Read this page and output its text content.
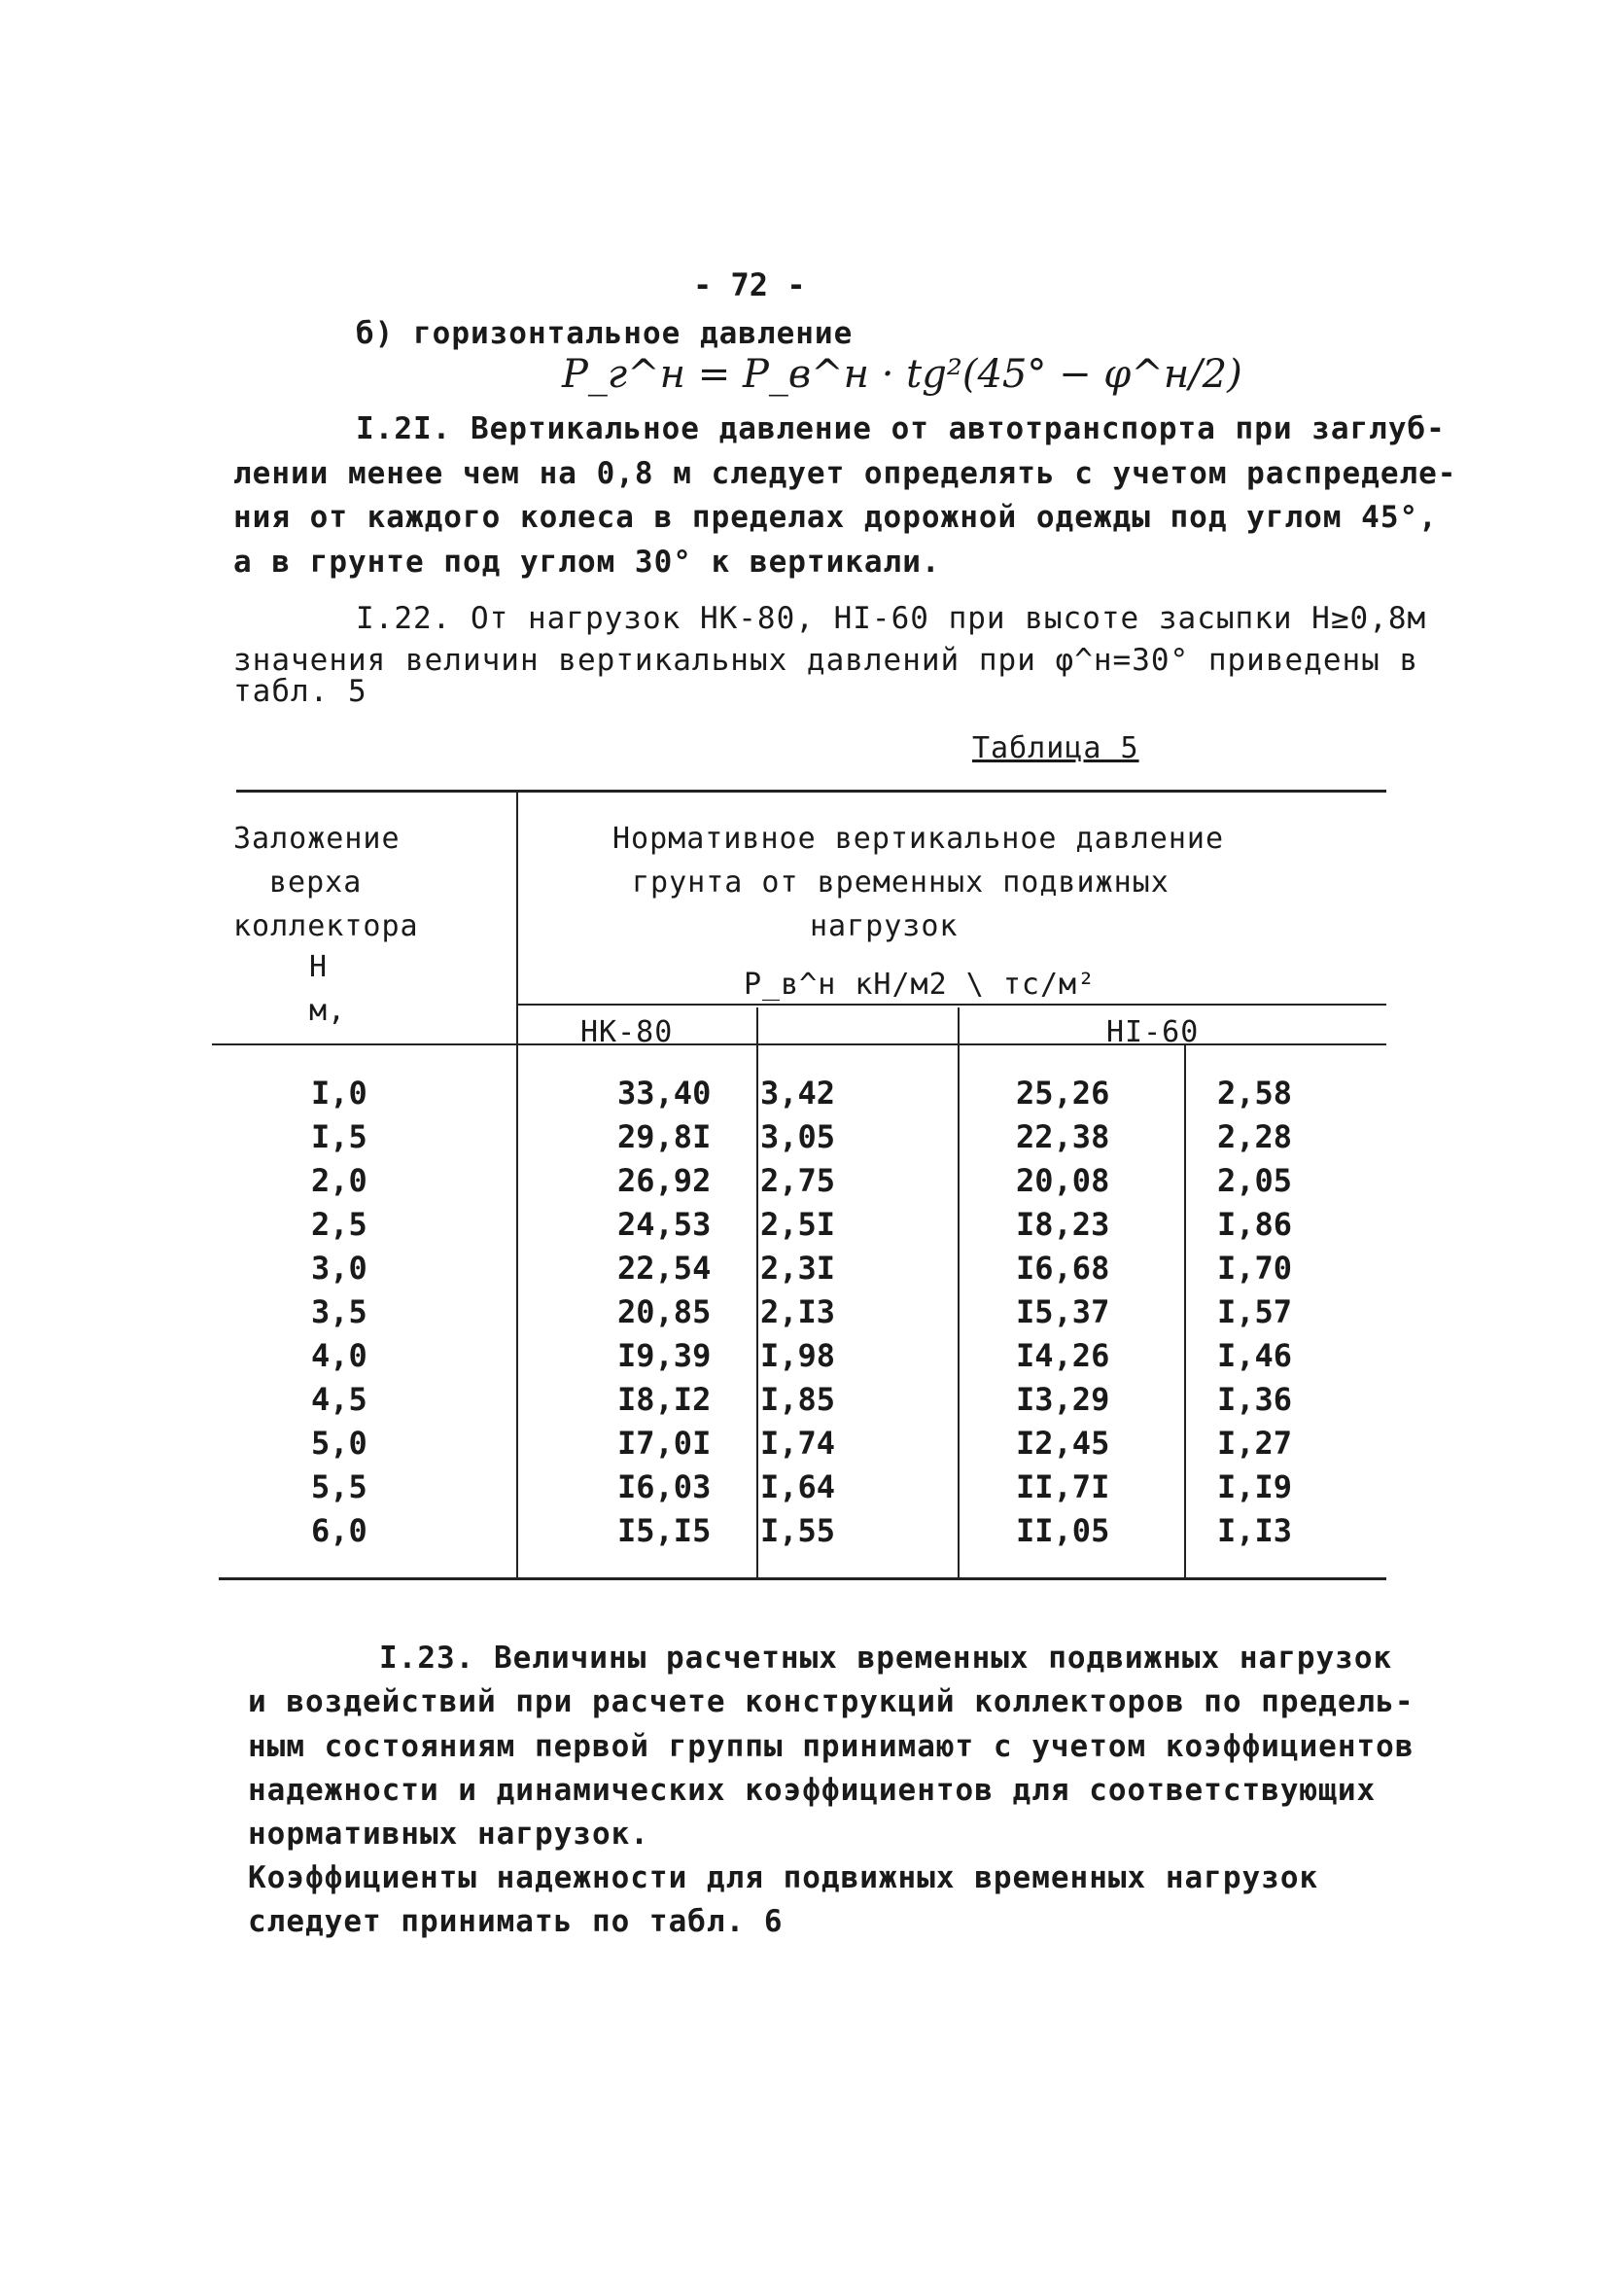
- 72 -
б) горизонтальное давление
P_г^н = P_в^н · tg²(45° − φ^н/2)
I.2I. Вертикальное давление от автотранспорта при заглуб-
лении менее чем на 0,8 м следует определять с учетом распределе-
ния от каждого колеса в пределах дорожной одежды под углом 45°,
а в грунте под углом 30° к вертикали.
I.22. От нагрузок НК-80, НI-60 при высоте засыпки Н≥0,8м
значения величин вертикальных давлений при φ^н=30° приведены в
табл. 5
Таблица 5
Заложение
верха
коллектора
Н
м,
Нормативное вертикальное давление
грунта от временных подвижных
нагрузок
P_в^н кН/м2 \ тс/м²
НК-80	НI-60
I,0	33,40 3,42	25,26	2,58
I,5	29,8I 3,05	22,38	2,28
2,0	26,92 2,75	20,08	2,05
2,5	24,53 2,5I	I8,23	I,86
3,0	22,54 2,3I	I6,68	I,70
3,5	20,85 2,I3	I5,37	I,57
4,0	I9,39 I,98	I4,26	I,46
4,5	I8,I2 I,85	I3,29	I,36
5,0	I7,0I I,74	I2,45	I,27
5,5	I6,03 I,64	II,7I	I,I9
6,0	I5,I5 I,55	II,05	I,I3
I.23. Величины расчетных временных подвижных нагрузок
и воздействий при расчете конструкций коллекторов по предель-
ным состояниям первой группы принимают с учетом коэффициентов
надежности и динамических коэффициентов для соответствующих
нормативных нагрузок.
Коэффициенты надежности для подвижных временных нагрузок
следует принимать по табл. 6
